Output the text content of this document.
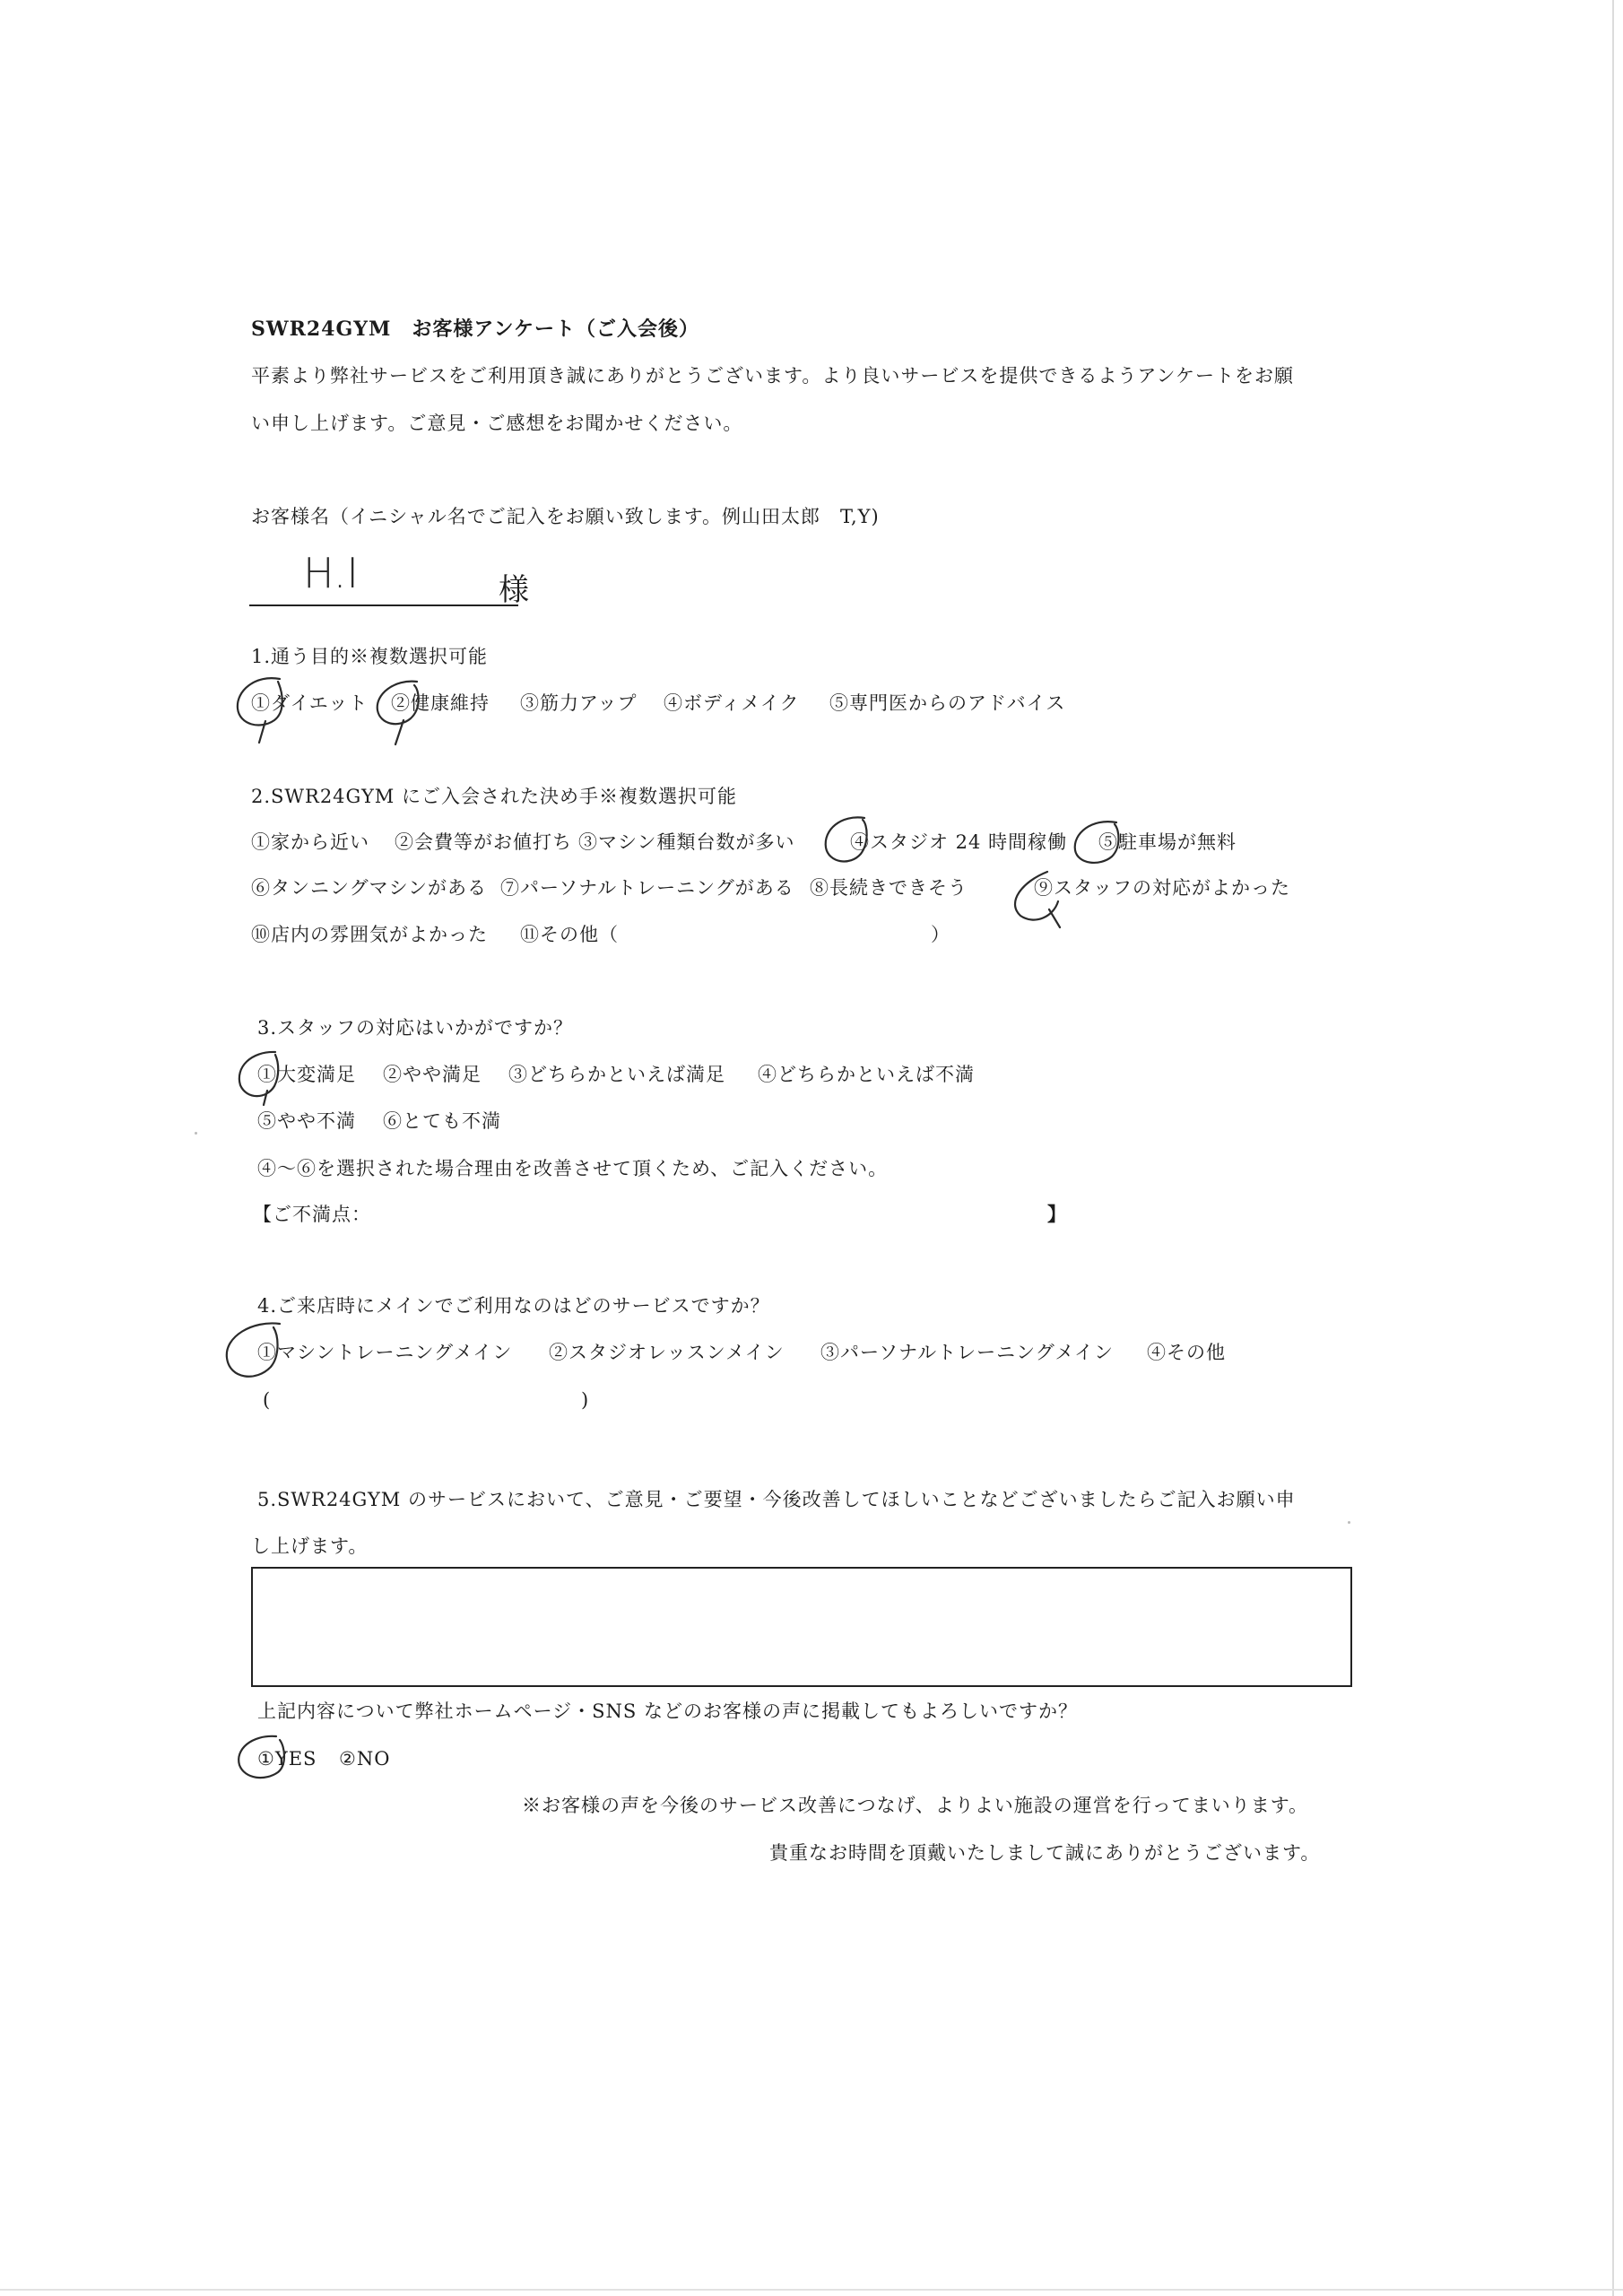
SWR24GYM　お客様アンケート（ご入会後）
平素より弊社サービスをご利用頂き誠にありがとうございます。より良いサービスを提供できるようアンケートをお願
い申し上げます。ご意見・ご感想をお聞かせください。
お客様名（イニシャル名でご記入をお願い致します。例山田太郎　T,Y)
H.I	様
1.通う目的※複数選択可能
①ダイエット ②健康維持 ③筋力アップ ④ボディメイク ⑤専門医からのアドバイス
2.SWR24GYM にご入会された決め手※複数選択可能
①家から近い ②会費等がお値打ち ③マシン種類台数が多い	④スタジオ 24 時間稼働 ⑤駐車場が無料
⑥タンニングマシンがある ⑦パーソナルトレーニングがある ⑧長続きできそう	⑨スタッフの対応がよかった
⑩店内の雰囲気がよかった ⑪その他（	）
3.スタッフの対応はいかがですか？
①大変満足 ②やや満足 ③どちらかといえば満足 ④どちらかといえば不満
⑤やや不満 ⑥とても不満
④～⑥を選択された場合理由を改善させて頂くため、ご記入ください。
【ご不満点：	】
4.ご来店時にメインでご利用なのはどのサービスですか？
①マシントレーニングメイン ②スタジオレッスンメイン ③パーソナルトレーニングメイン ④その他
(	)
5.SWR24GYM のサービスにおいて、ご意見・ご要望・今後改善してほしいことなどございましたらご記入お願い申
し上げます。
上記内容について弊社ホームページ・SNS などのお客様の声に掲載してもよろしいですか？
①YES ②NO
※お客様の声を今後のサービス改善につなげ、よりよい施設の運営を行ってまいります。
貴重なお時間を頂戴いたしまして誠にありがとうございます。
